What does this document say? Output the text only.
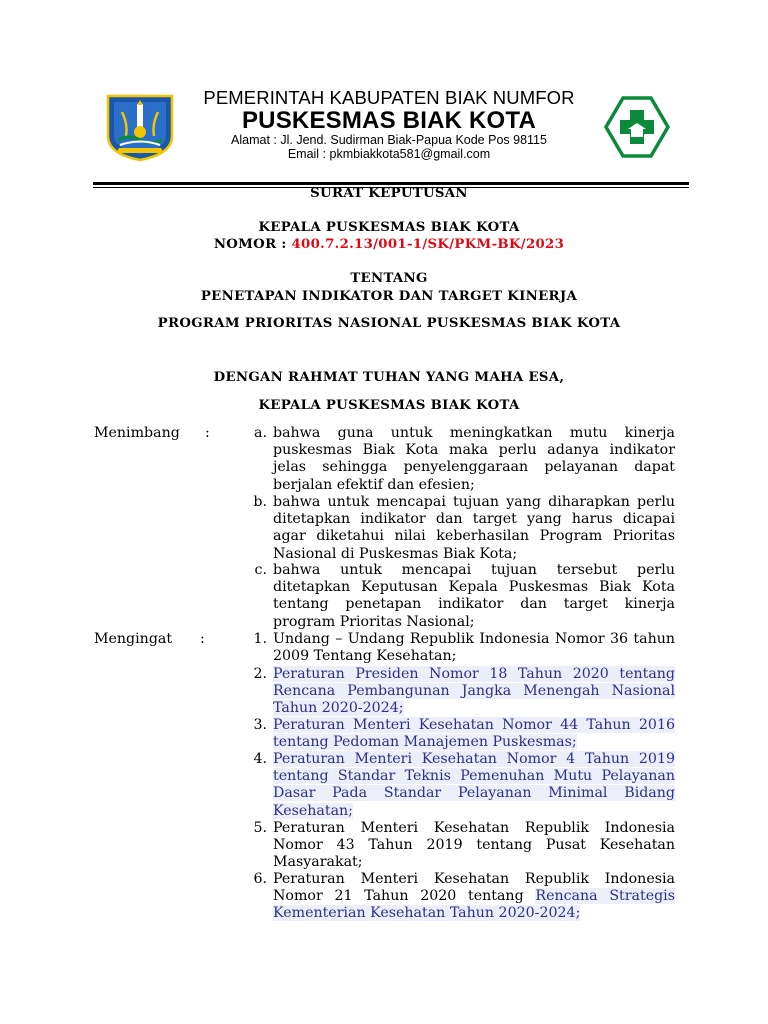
PEMERINTAH KABUPATEN BIAK NUMFOR
PUSKESMAS BIAK KOTA
Alamat : Jl. Jend. Sudirman Biak-Papua Kode Pos 98115
Email : pkmbiakkota581@gmail.com
SURAT KEPUTUSAN
KEPALA PUSKESMAS BIAK KOTA
NOMOR : 400.7.2.13/001-1/SK/PKM-BK/2023
TENTANG
PENETAPAN INDIKATOR DAN TARGET KINERJA
PROGRAM PRIORITAS NASIONAL PUSKESMAS BIAK KOTA
DENGAN RAHMAT TUHAN YANG MAHA ESA,
KEPALA PUSKESMAS BIAK KOTA
Menimbang :	a. bahwa guna untuk meningkatkan mutu kinerja puskesmas Biak Kota maka perlu adanya indikator jelas sehingga penyelenggaraan pelayanan dapat berjalan efektif dan efesien;

b. bahwa untuk mencapai tujuan yang diharapkan perlu ditetapkan indikator dan target yang harus dicapai agar diketahui nilai keberhasilan Program Prioritas Nasional di Puskesmas Biak Kota;

c. bahwa untuk mencapai tujuan tersebut perlu ditetapkan Keputusan Kepala Puskesmas Biak Kota tentang penetapan indikator dan target kinerja program Prioritas Nasional;

Mengingat :	1. Undang – Undang Republik Indonesia Nomor 36 tahun 2009 Tentang Kesehatan;

2. Peraturan Presiden Nomor 18 Tahun 2020 tentang Rencana Pembangunan Jangka Menengah Nasional Tahun 2020-2024;

3. Peraturan Menteri Kesehatan Nomor 44 Tahun 2016 tentang Pedoman Manajemen Puskesmas;

4. Peraturan Menteri Kesehatan Nomor 4 Tahun 2019 tentang Standar Teknis Pemenuhan Mutu Pelayanan Dasar Pada Standar Pelayanan Minimal Bidang Kesehatan;

5. Peraturan Menteri Kesehatan Republik Indonesia Nomor 43 Tahun 2019 tentang Pusat Kesehatan Masyarakat;

6. Peraturan Menteri Kesehatan Republik Indonesia Nomor 21 Tahun 2020 tentang Rencana Strategis Kementerian Kesehatan Tahun 2020-2024;
